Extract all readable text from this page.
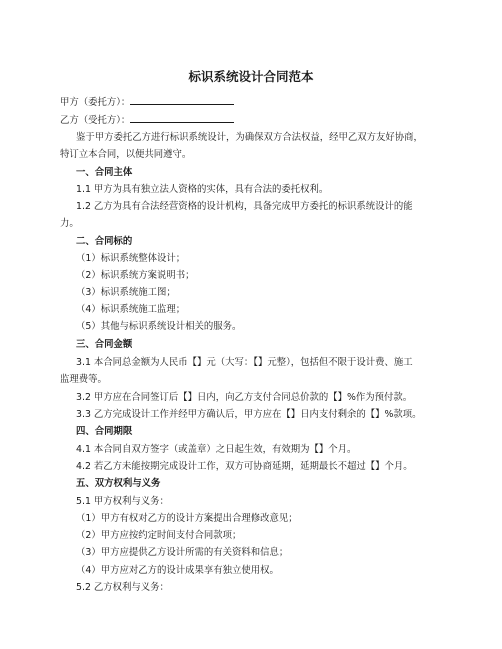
标识系统设计合同范本
甲方（委托方）：
乙方（受托方）：
鉴于甲方委托乙方进行标识系统设计，为确保双方合法权益，经甲乙双方友好协商，
特订立本合同，以便共同遵守。
一、合同主体
1.1 甲方为具有独立法人资格的实体，具有合法的委托权利。
1.2 乙方为具有合法经营资格的设计机构，具备完成甲方委托的标识系统设计的能
力。
二、合同标的
（1）标识系统整体设计；
（2）标识系统方案说明书；
（3）标识系统施工图；
（4）标识系统施工监理；
（5）其他与标识系统设计相关的服务。
三、合同金额
3.1 本合同总金额为人民币【】元（大写：【】元整），包括但不限于设计费、施工
监理费等。
3.2 甲方应在合同签订后【】日内，向乙方支付合同总价款的【】%作为预付款。
3.3 乙方完成设计工作并经甲方确认后，甲方应在【】日内支付剩余的【】%款项。
四、合同期限
4.1 本合同自双方签字（或盖章）之日起生效，有效期为【】个月。
4.2 若乙方未能按期完成设计工作，双方可协商延期，延期最长不超过【】个月。
五、双方权利与义务
5.1 甲方权利与义务：
（1）甲方有权对乙方的设计方案提出合理修改意见；
（2）甲方应按约定时间支付合同款项；
（3）甲方应提供乙方设计所需的有关资料和信息；
（4）甲方应对乙方的设计成果享有独立使用权。
5.2 乙方权利与义务：
